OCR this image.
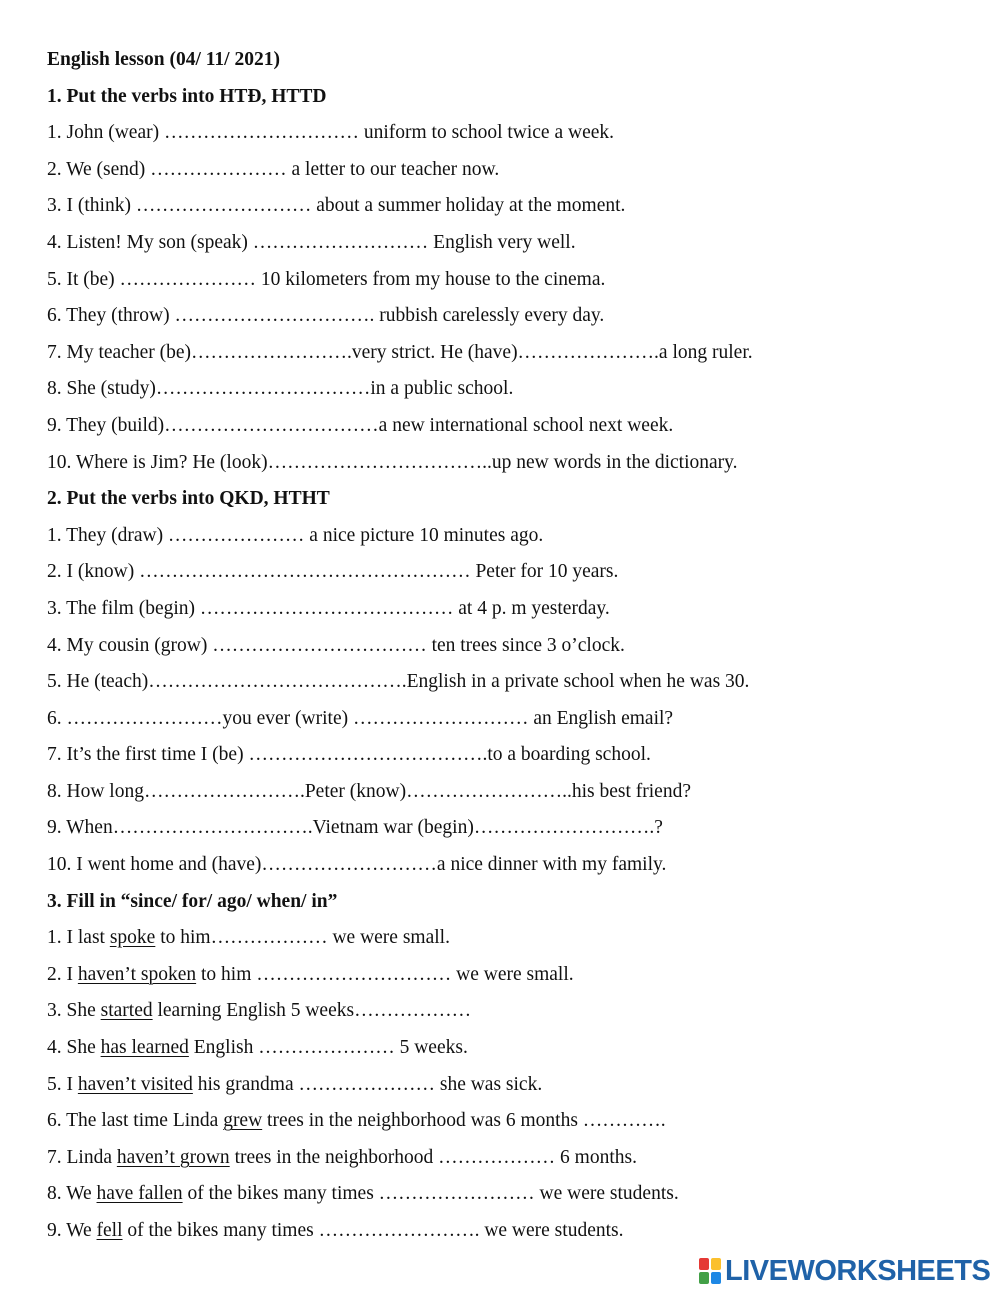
English lesson (04/ 11/ 2021)
1. Put the verbs into HTĐ, HTTD
1. John (wear) ………………………… uniform to school twice a week.
2. We (send) ………………… a letter to our teacher now.
3. I (think) ……………………… about a summer holiday at the moment.
4. Listen! My son (speak) ……………………… English very well.
5. It (be) ………………… 10 kilometers from my house to the cinema.
6. They (throw) …………………………. rubbish carelessly every day.
7. My teacher (be)…………………….very strict. He (have)………………….a long ruler.
8. She (study)……………………………in a public school.
9. They (build)……………………………a new international school next week.
10. Where is Jim? He (look)……………………………..up new words in the dictionary.
2. Put the verbs into QKD, HTHT
1. They (draw) ………………… a nice picture 10 minutes ago.
2. I (know) …………………………………………… Peter for 10 years.
3. The film (begin) ………………………………… at 4 p. m yesterday.
4. My cousin (grow) …………………………… ten trees since 3 o’clock.
5. He (teach)………………………………….English in a private school when he was 30.
6. ……………………you ever (write) ……………………… an English email?
7. It’s the first time I (be) ……………………………….to a boarding school.
8. How long…………………….Peter (know)……………………..his best friend?
9. When………………………….Vietnam war (begin)……………………….?
10. I went home and (have)………………………a nice dinner with my family.
3. Fill in “since/ for/ ago/ when/ in”
1. I last spoke to him……………… we were small.
2. I haven’t spoken to him ………………………… we were small.
3. She started learning English 5 weeks………………
4. She has learned English ………………… 5 weeks.
5. I haven’t visited his grandma ………………… she was sick.
6. The last time Linda grew trees in the neighborhood was 6 months ………….
7. Linda haven’t grown trees in the neighborhood ……………… 6 months.
8. We have fallen of the bikes many times …………………… we were students.
9. We fell of the bikes many times ……………………. we were students.
LIVEWORKSHEETS
